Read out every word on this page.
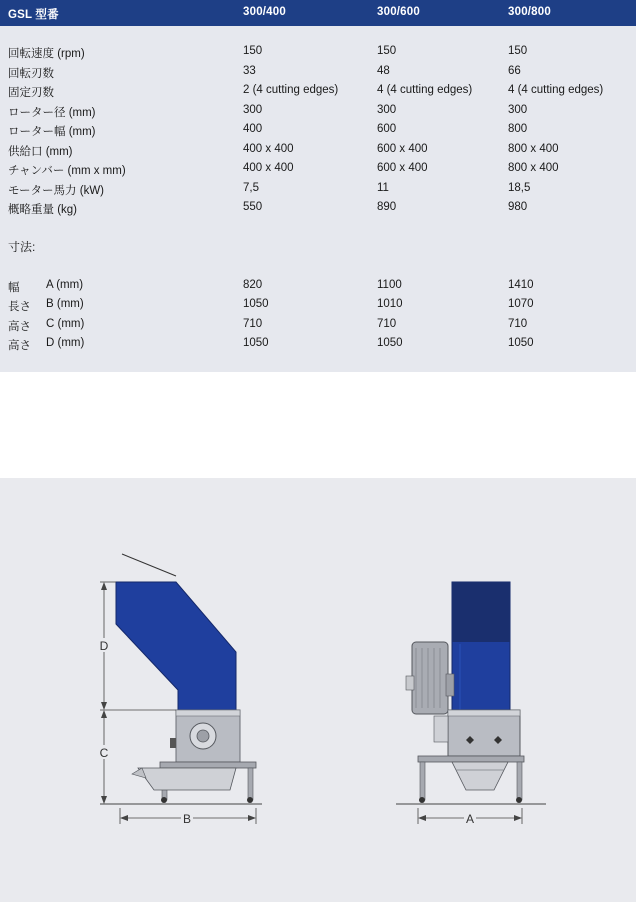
GSL 型番	300/400	300/600	300/800
回転速度 (rpm)	150	150	150
回転刃数	33	48	66
固定刃数	2 (4 cutting edges)	4 (4 cutting edges)	4 (4 cutting edges)
ローター径 (mm)	300	300	300
ローター幅 (mm)	400	600	800
供給口 (mm)	400 x 400	600 x 400	800 x 400
チャンバー (mm x mm)	400 x 400	600 x 400	800 x 400
モーター馬力 (kW)	7,5	11	18,5
概略重量 (kg)	550	890	980
寸法:
幅 A (mm)	820	1100	1410
長さ B (mm)	1050	1010	1070
高さ C (mm)	710	710	710
高さ D (mm)	1050	1050	1050
D
C
B	A
